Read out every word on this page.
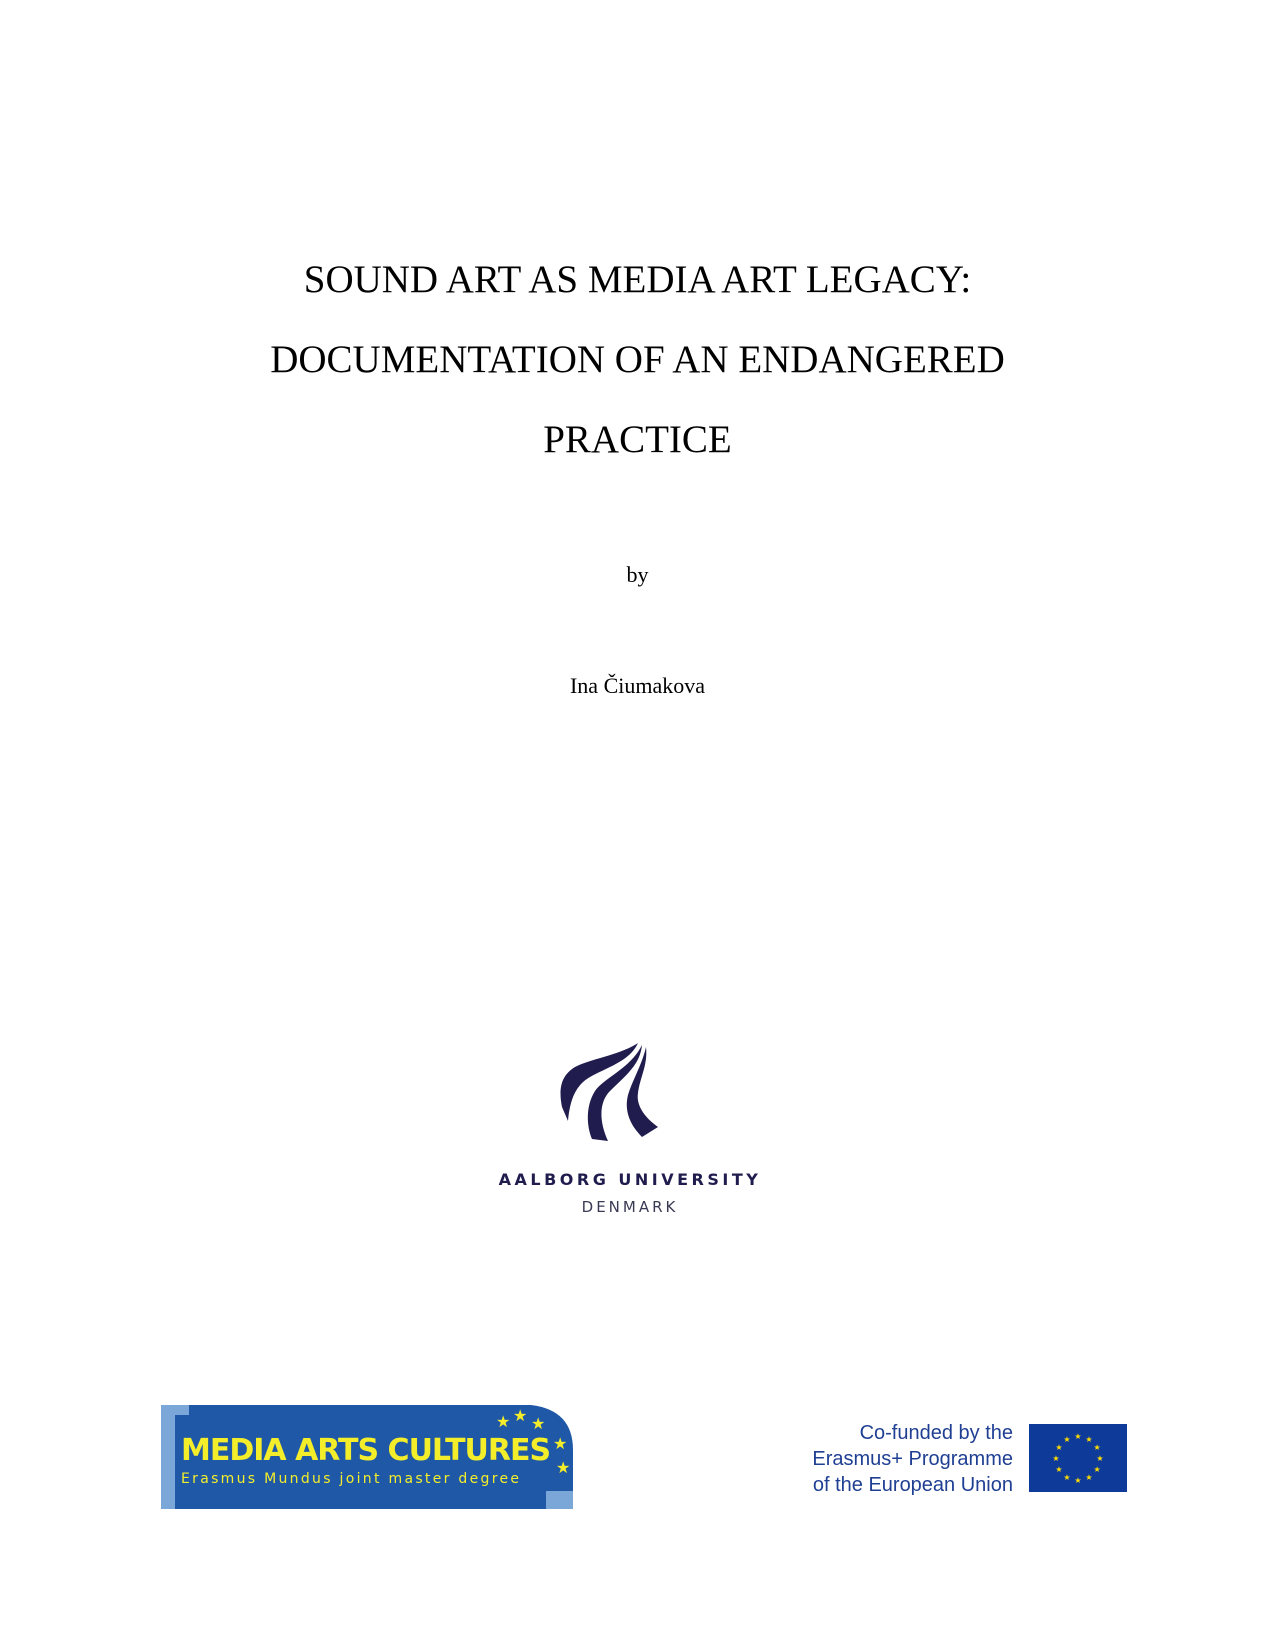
SOUND ART AS MEDIA ART LEGACY:
DOCUMENTATION OF AN ENDANGERED
PRACTICE
by
Ina Čiumakova
AALBORG UNIVERSITY
DENMARK
★ ★ ★
★
★
MEDIA ARTS CULTURES
Erasmus Mundus joint master degree
Co-funded by the
Erasmus+ Programme
of the European Union
★ ★
★
★
★
★
★
★
★
★
★
★
